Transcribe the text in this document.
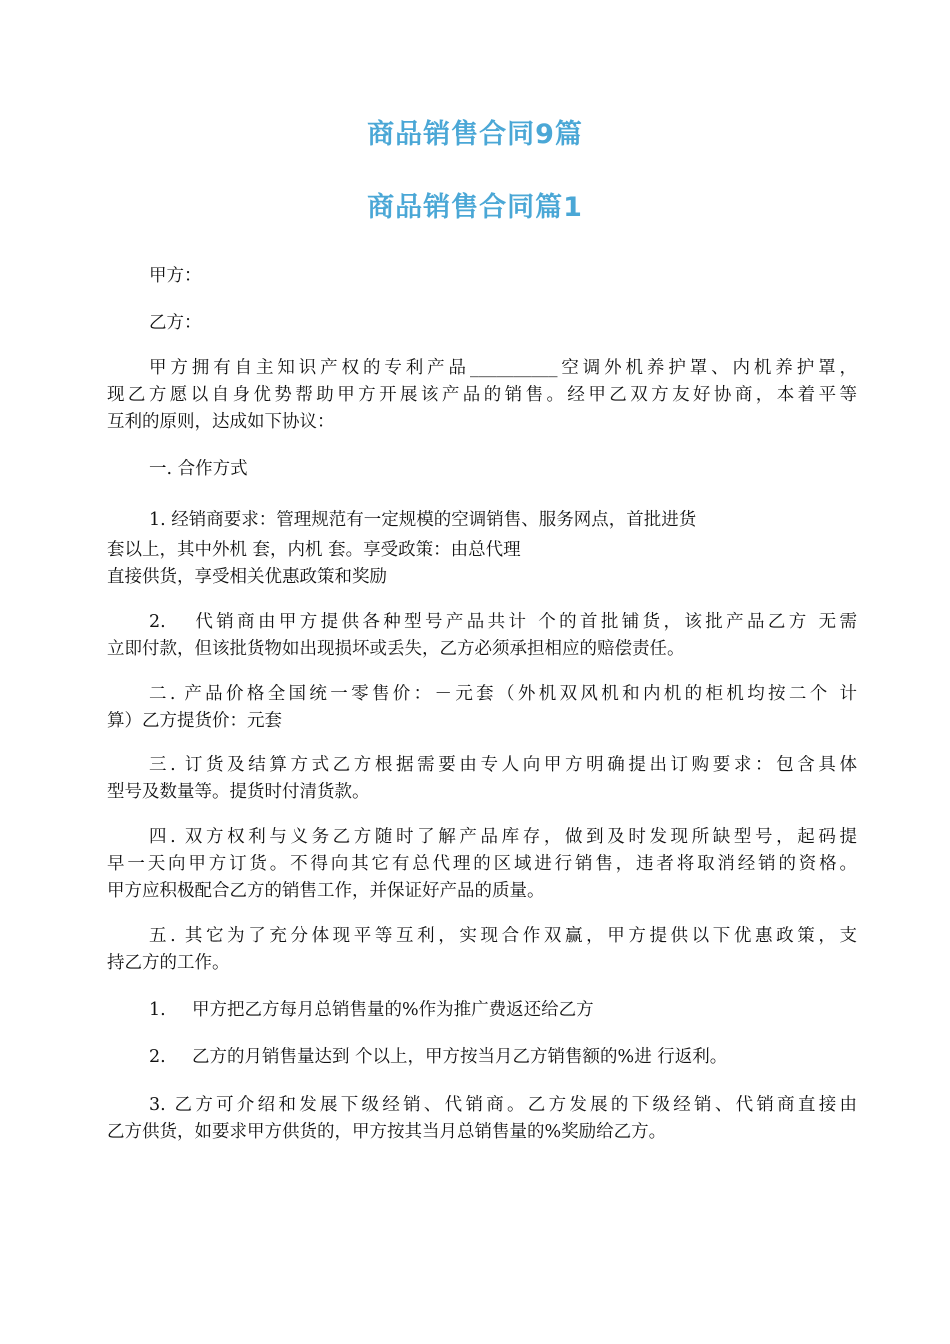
商品销售合同9篇
商品销售合同篇1
甲方：
乙方：
甲方拥有自主知识产权的专利产品__________空调外机养护罩、内机养护罩，
现乙方愿以自身优势帮助甲方开展该产品的销售。经甲乙双方友好协商，本着平等
互利的原则，达成如下协议：
一. 合作方式
1. 经销商要求：管理规范有一定规模的空调销售、服务网点，首批进货
套以上，其中外机 套，内机 套。享受政策：由总代理
直接供货，享受相关优惠政策和奖励
2. 代销商由甲方提供各种型号产品共计 个的首批铺货，该批产品乙方 无需
立即付款，但该批货物如出现损坏或丢失，乙方必须承担相应的赔偿责任。
二. 产品价格全国统一零售价：－元套（外机双风机和内机的柜机均按二个 计
算）乙方提货价：元套
三. 订货及结算方式乙方根据需要由专人向甲方明确提出订购要求：包含具体
型号及数量等。提货时付清货款。
四. 双方权利与义务乙方随时了解产品库存，做到及时发现所缺型号，起码提
早一天向甲方订货。不得向其它有总代理的区域进行销售，违者将取消经销的资格。
甲方应积极配合乙方的销售工作，并保证好产品的质量。
五. 其它为了充分体现平等互利，实现合作双赢，甲方提供以下优惠政策，支
持乙方的工作。
1. 甲方把乙方每月总销售量的%作为推广费返还给乙方
2. 乙方的月销售量达到 个以上，甲方按当月乙方销售额的%进 行返利。
3. 乙方可介绍和发展下级经销、代销商。乙方发展的下级经销、代销商直接由
乙方供货，如要求甲方供货的，甲方按其当月总销售量的%奖励给乙方。
